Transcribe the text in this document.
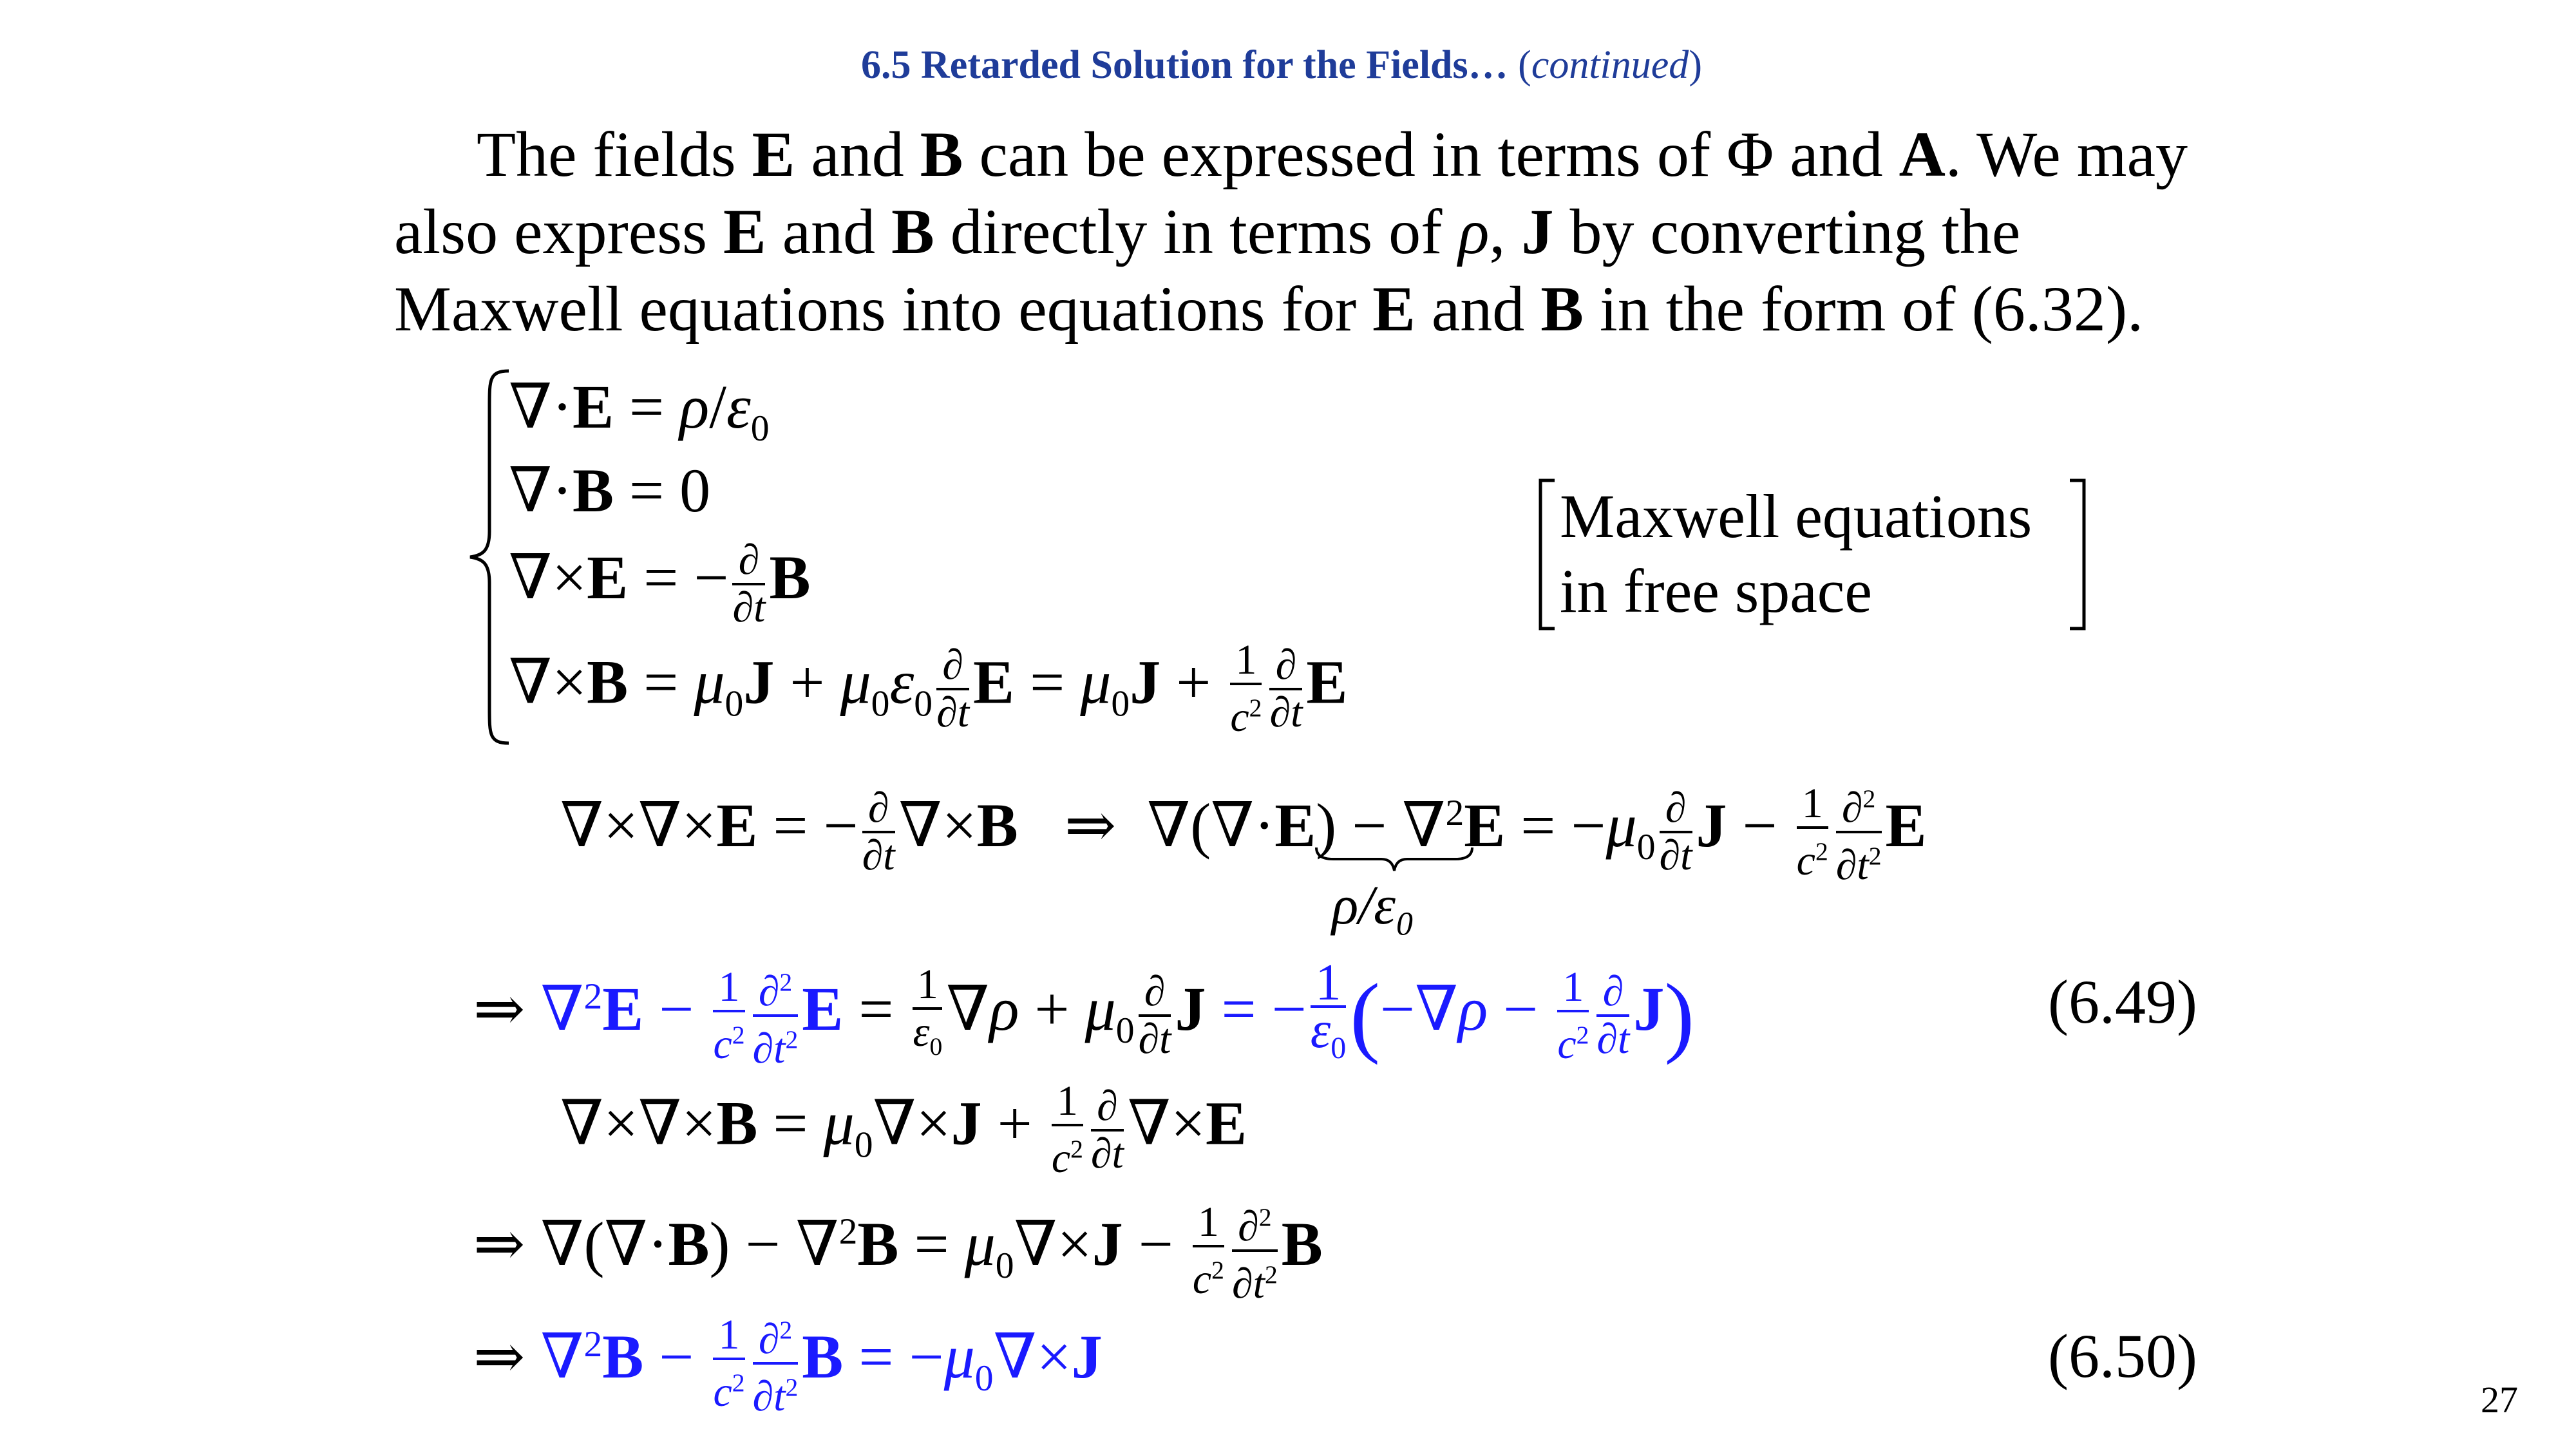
6.5 Retarded Solution for the Fields… (continued)
The fields E and B can be expressed in terms of Φ and A. We may
also express E and B directly in terms of ρ, J by converting the
Maxwell equations into equations for E and B in the form of (6.32).
$\nabla\cdot E = \rho/\varepsilon_0$
∇·B = 0
∇×E = − $\frac{\partial}{\partial t}$ B
$\nabla\times B = \mu_0J + \mu_0\varepsilon_0 \frac{\partial}{\partial t}$ $E = \mu_0J + \frac{1}{c^2} \frac{\partial}{\partial t}$ E
Maxwell equations
in free space
∇×∇×E = − $\frac{\partial}{\partial t} \nabla\times B$   ⇒  $\nabla(\nabla\cdot E) - \nabla^2E = -\mu_0 \frac{\partial}{\partial t}$ $J - \frac{1}{c^2} \frac{\partial^2}{\partial t^2}$ E
ρ/ε₀
⇒ $\nabla^2E - \frac{1}{c^2} \frac{\partial^2}{\partial t^2}$ $E = \frac{1}{\varepsilon_0} \nabla\rho + \mu_0 \frac{\partial}{\partial t}$ J = − $\frac{1}{\varepsilon_0} (-\nabla\rho - \frac{1}{c^2} \frac{\partial}{\partial t} J)$	(6.49)
$\nabla\times\nabla\times B = \mu_0\nabla\times J + \frac{1}{c^2} \frac{\partial}{\partial t} \nabla\times E$
⇒ $\nabla(\nabla\cdot B) - \nabla^2B = \mu_0\nabla\times J - \frac{1}{c^2} \frac{\partial^2}{\partial t^2}$ B
⇒ $\nabla^2B - \frac{1}{c^2} \frac{\partial^2}{\partial t^2}$ $B = -\mu_0\nabla\times J$	(6.50)
27
